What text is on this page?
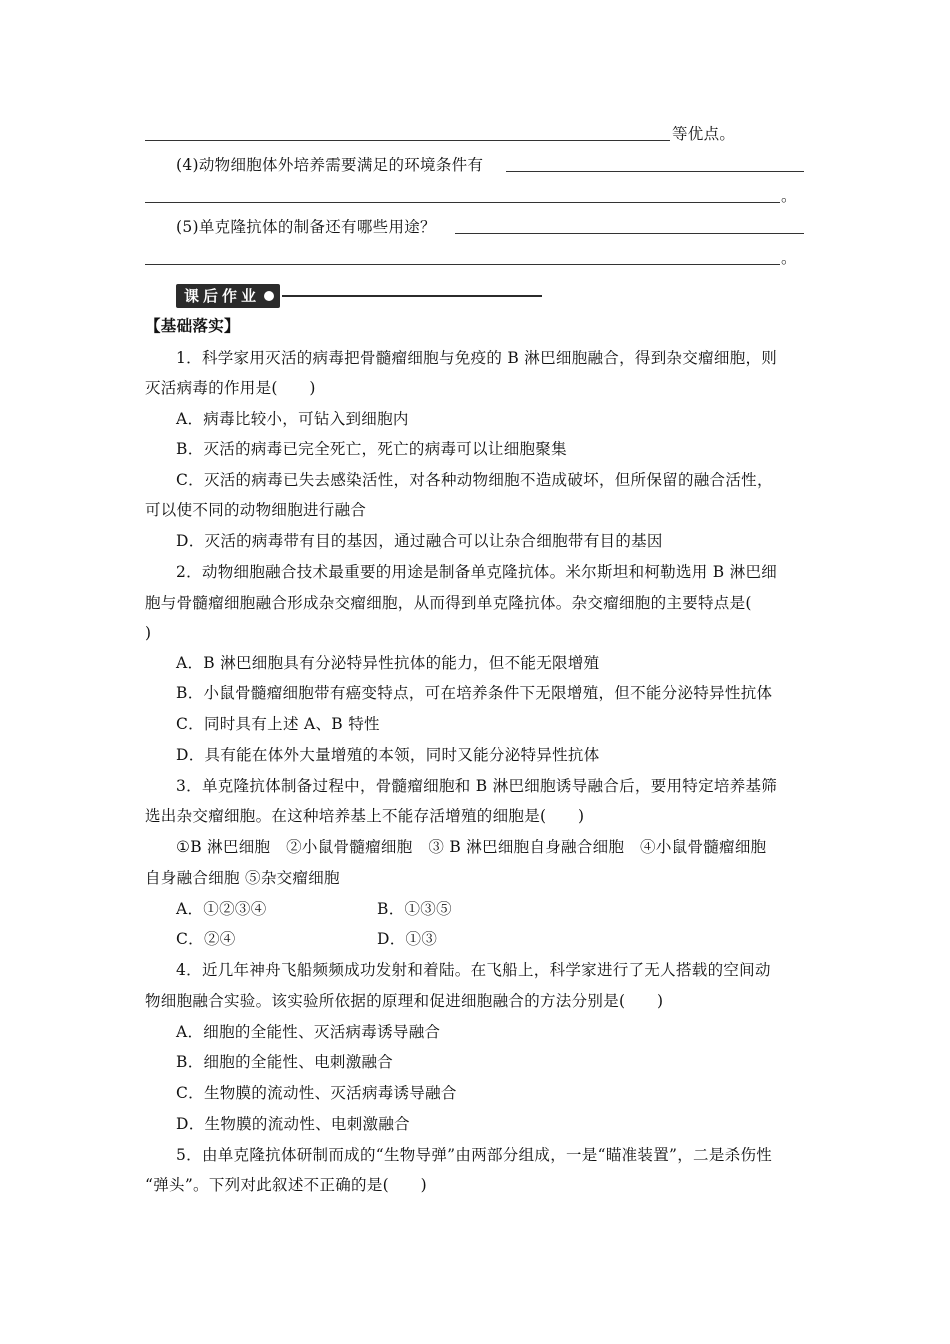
等优点。
(4)动物细胞体外培养需要满足的环境条件有
。
(5)单克隆抗体的制备还有哪些用途？
。
课后作业
【基础落实】
1．科学家用灭活的病毒把骨髓瘤细胞与免疫的 B 淋巴细胞融合，得到杂交瘤细胞，则
灭活病毒的作用是(　　)
A．病毒比较小，可钻入到细胞内
B．灭活的病毒已完全死亡，死亡的病毒可以让细胞聚集
C．灭活的病毒已失去感染活性，对各种动物细胞不造成破坏，但所保留的融合活性，
可以使不同的动物细胞进行融合
D．灭活的病毒带有目的基因，通过融合可以让杂合细胞带有目的基因
2．动物细胞融合技术最重要的用途是制备单克隆抗体。米尔斯坦和柯勒选用 B 淋巴细
胞与骨髓瘤细胞融合形成杂交瘤细胞，从而得到单克隆抗体。杂交瘤细胞的主要特点是(
)
A．B 淋巴细胞具有分泌特异性抗体的能力，但不能无限增殖
B．小鼠骨髓瘤细胞带有癌变特点，可在培养条件下无限增殖，但不能分泌特异性抗体
C．同时具有上述 A、B 特性
D．具有能在体外大量增殖的本领，同时又能分泌特异性抗体
3．单克隆抗体制备过程中，骨髓瘤细胞和 B 淋巴细胞诱导融合后，要用特定培养基筛
选出杂交瘤细胞。在这种培养基上不能存活增殖的细胞是(　　)
①B 淋巴细胞　②小鼠骨髓瘤细胞　③ B 淋巴细胞自身融合细胞　④小鼠骨髓瘤细胞
自身融合细胞 ⑤杂交瘤细胞
A．①②③④	B．①③⑤
C．②④	D．①③
4．近几年神舟飞船频频成功发射和着陆。在飞船上，科学家进行了无人搭载的空间动
物细胞融合实验。该实验所依据的原理和促进细胞融合的方法分别是(　　)
A．细胞的全能性、灭活病毒诱导融合
B．细胞的全能性、电刺激融合
C．生物膜的流动性、灭活病毒诱导融合
D．生物膜的流动性、电刺激融合
5．由单克隆抗体研制而成的“生物导弹”由两部分组成，一是“瞄准装置”，二是杀伤性
“弹头”。下列对此叙述不正确的是(　　)
